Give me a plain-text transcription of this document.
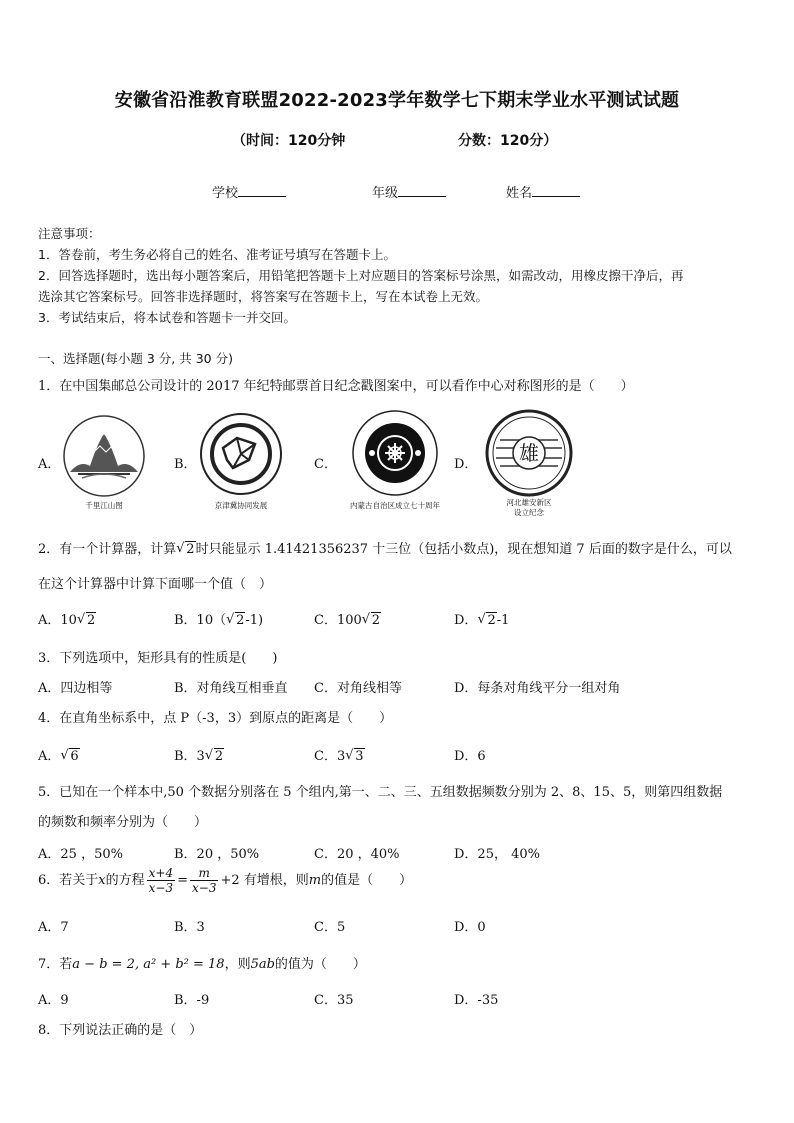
安徽省沿淮教育联盟2022-2023学年数学七下期末学业水平测试试题
（时间：120分钟	分数：120分）
学校	年级	姓名
注意事项：
1．答卷前，考生务必将自己的姓名、准考证号填写在答题卡上。
2．回答选择题时，选出每小题答案后，用铅笔把答题卡上对应题目的答案标号涂黑，如需改动，用橡皮擦干净后，再
选涂其它答案标号。回答非选择题时，将答案写在答题卡上，写在本试卷上无效。
3．考试结束后，将本试卷和答题卡一并交回。
一、选择题(每小题 3 分, 共 30 分)
1．在中国集邮总公司设计的 2017 年纪特邮票首日纪念戳图案中，可以看作中心对称图形的是（　　）
A．
千里江山图
B．
京津冀协同发展
C．
内蒙古自治区成立七十周年
D． 雄
河北雄安新区
设立纪念
2．有一个计算器，计算 √ 2时只能显示 1.41421356237 十三位（包括小数点)，现在想知道 7 后面的数字是什么，可以
在这个计算器中计算下面哪一个值（　）
A．10 √ 2	B．10（ √ 2-1)	C．100 √ 2	D． √ 2-1
3．下列选项中，矩形具有的性质是(　　)
A．四边相等	B．对角线互相垂直 C．对角线相等	D．每条对角线平分一组对角
4．在直角坐标系中，点 P（-3，3）到原点的距离是（　　）
A． √ 6	B．3 √ 2	C．3 √ 3	D．6
5．已知在一个样本中,50 个数据分别落在 5 个组内,第一、二、三、五组数据频数分别为 2、8、15、5，则第四组数据
的频数和频率分别为（　　）
A．25 ，50%	B．20 ，50%	C．20 ，40%	D．25， 40%
6．若关于x的方程 $\frac{x+4}{x-3} = \frac{m}{x-3} +2$ 有增根，则m的值是（　　）
A．7	B．3	C．5	D．0
7．若a − b = 2, a² + b² = 18，则5ab的值为（　　）
A．9	B．-9	C．35	D．-35
8．下列说法正确的是（　）
